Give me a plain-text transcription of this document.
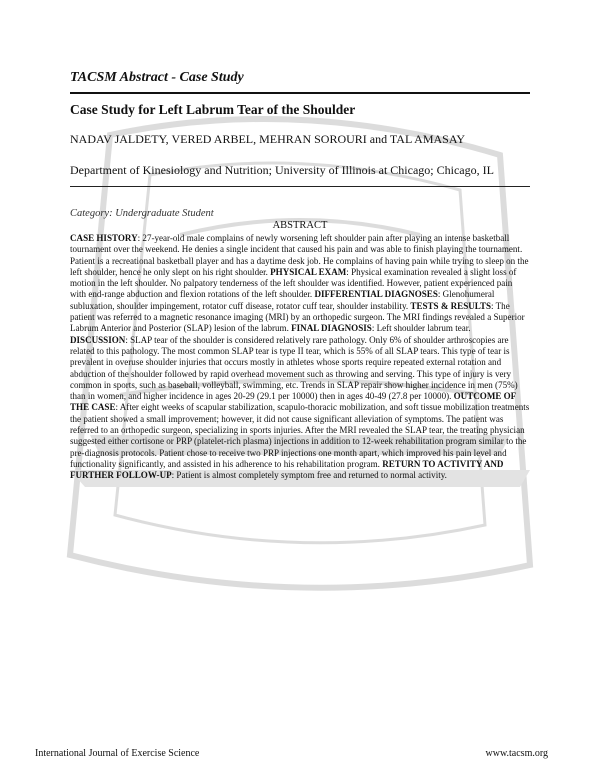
TACSM Abstract - Case Study
Case Study for Left Labrum Tear of the Shoulder
NADAV JALDETY, VERED ARBEL, MEHRAN SOROURI and TAL AMASAY
Department of Kinesiology and Nutrition; University of Illinois at Chicago; Chicago, IL
Category: Undergraduate Student
ABSTRACT
CASE HISTORY: 27-year-old male complains of newly worsening left shoulder pain after playing an intense basketball tournament over the weekend. He denies a single incident that caused his pain and was able to finish playing the tournament. Patient is a recreational basketball player and has a daytime desk job. He complains of having pain while trying to sleep on the left shoulder, hence he only slept on his right shoulder. PHYSICAL EXAM: Physical examination revealed a slight loss of motion in the left shoulder. No palpatory tenderness of the left shoulder was identified. However, patient experienced pain with end-range abduction and flexion rotations of the left shoulder. DIFFERENTIAL DIAGNOSES: Glenohumeral subluxation, shoulder impingement, rotator cuff disease, rotator cuff tear, shoulder instability. TESTS & RESULTS: The patient was referred to a magnetic resonance imaging (MRI) by an orthopedic surgeon. The MRI findings revealed a Superior Labrum Anterior and Posterior (SLAP) lesion of the labrum. FINAL DIAGNOSIS: Left shoulder labrum tear. DISCUSSION: SLAP tear of the shoulder is considered relatively rare pathology. Only 6% of shoulder arthroscopies are related to this pathology. The most common SLAP tear is type II tear, which is 55% of all SLAP tears. This type of tear is prevalent in overuse shoulder injuries that occurs mostly in athletes whose sports require repeated external rotation and abduction of the shoulder followed by rapid overhead movement such as throwing and serving. This type of injury is very common in sports, such as baseball, volleyball, swimming, etc. Trends in SLAP repair show higher incidence in men (75%) than in women, and higher incidence in ages 20-29 (29.1 per 10000) then in ages 40-49 (27.8 per 10000). OUTCOME OF THE CASE: After eight weeks of scapular stabilization, scapulo-thoracic mobilization, and soft tissue mobilization treatments the patient showed a small improvement; however, it did not cause significant alleviation of symptoms. The patient was referred to an orthopedic surgeon, specializing in sports injuries. After the MRI revealed the SLAP tear, the treating physician suggested either cortisone or PRP (platelet-rich plasma) injections in addition to 12-week rehabilitation program similar to the pre-diagnosis protocols. Patient chose to receive two PRP injections one month apart, which improved his pain level and functionality significantly, and assisted in his adherence to his rehabilitation program. RETURN TO ACTIVITY AND FURTHER FOLLOW-UP: Patient is almost completely symptom free and returned to normal activity.
International Journal of Exercise Science	www.tacsm.org
